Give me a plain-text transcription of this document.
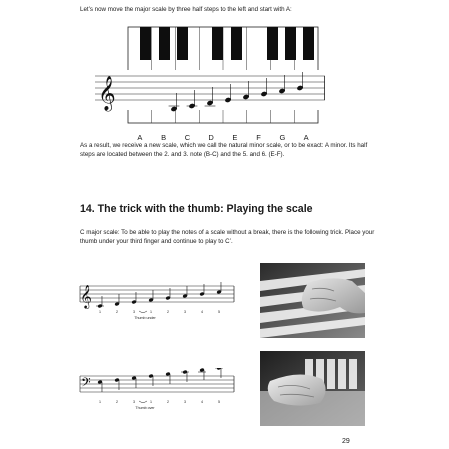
Let’s now move the major scale by three half steps to the left and start with A:
𝄞
A B C D E	F G A
As a result, we receive a new scale, which we call the natural minor scale, or to be exact: A minor. Its half steps are located between the 2. and 3. note (B-C) and the 5. and 6. (E-F).
14. The trick with the thumb: Playing the scale
C major scale: To be able to play the notes of a scale without a break, there is the following trick. Place your thumb under your third finger and continue to play to C’.
𝄞
1	2	3	1	2	3	4	5
Thumb under
𝄢
1	2	3	1	2	3	4	5
Thumb over
29
